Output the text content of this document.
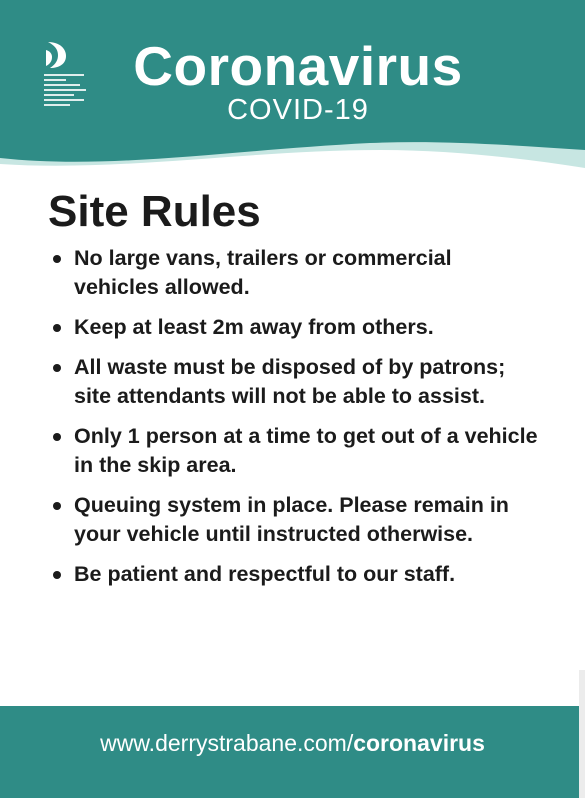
Coronavirus
COVID-19
Site Rules
No large vans, trailers or commercial vehicles allowed.
Keep at least 2m away from others.
All waste must be disposed of by patrons; site attendants will not be able to assist.
Only 1 person at a time to get out of a vehicle in the skip area.
Queuing system in place. Please remain in your vehicle until instructed otherwise.
Be patient and respectful to our staff.
www.derrystrabane.com/coronavirus
